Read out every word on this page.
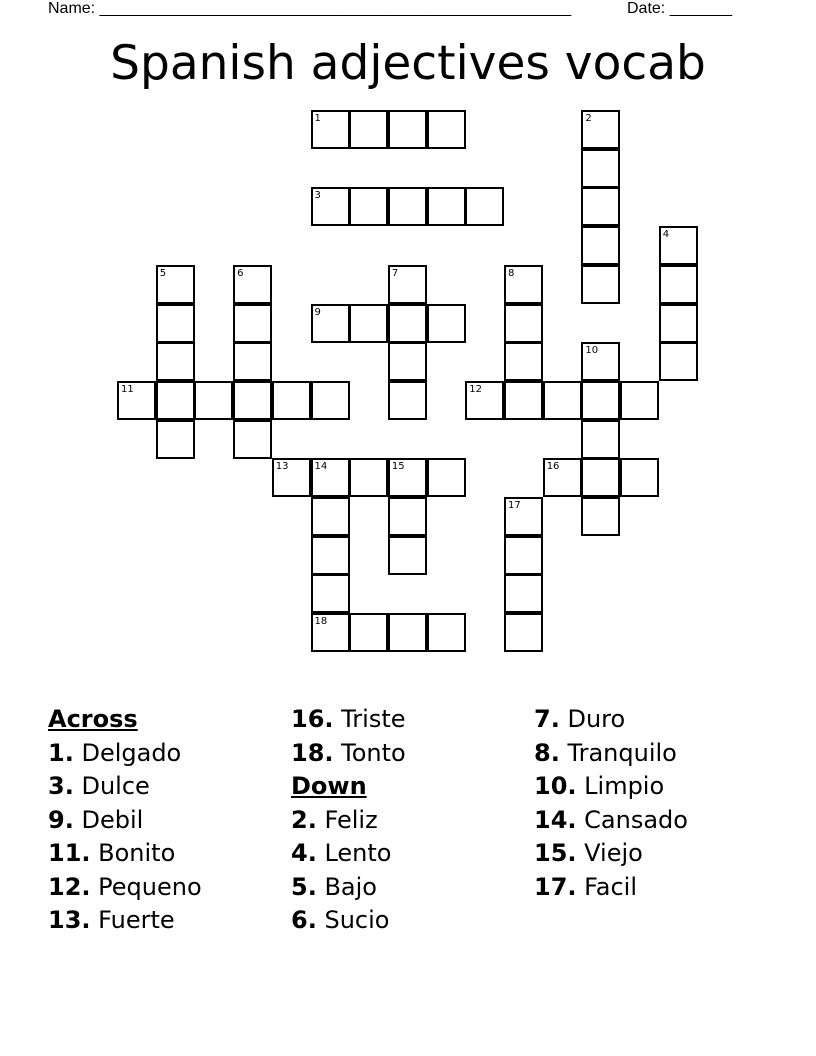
Name: _____________________________________________________	Date: _______
Spanish adjectives vocab
1	2
3
4
5	6	7	8
9
10
11	12
13	14	15
18
16
17
Across
1. Delgado
3. Dulce
9. Debil
11. Bonito
12. Pequeno
13. Fuerte
16. Triste
18. Tonto
Down
2. Feliz
4. Lento
5. Bajo
6. Sucio
7. Duro
8. Tranquilo
10. Limpio
14. Cansado
15. Viejo
17. Facil
